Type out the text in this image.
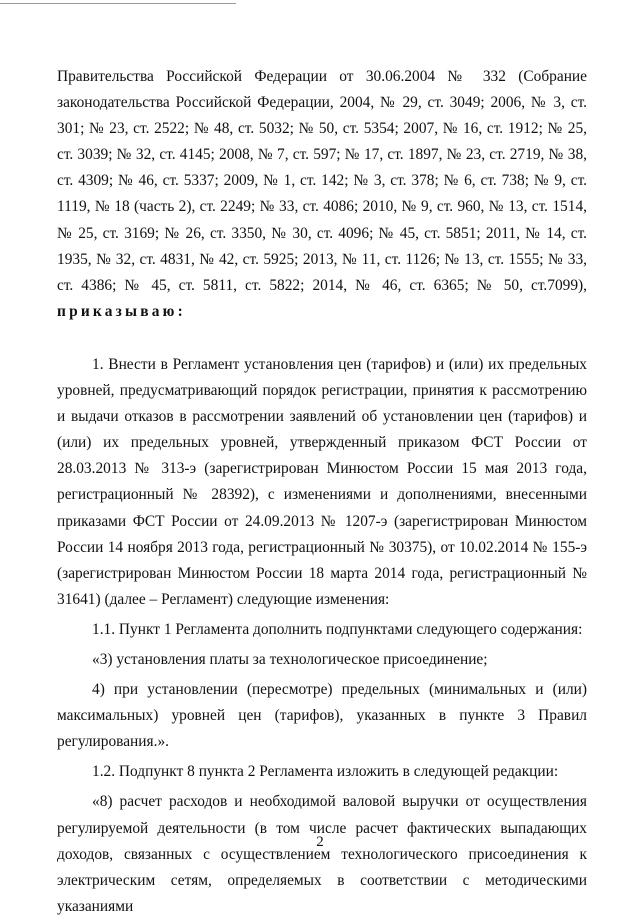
Правительства Российской Федерации от 30.06.2004 № 332 (Собрание законодательства Российской Федерации, 2004, № 29, ст. 3049; 2006, № 3, ст. 301; № 23, ст. 2522; № 48, ст. 5032; № 50, ст. 5354; 2007, № 16, ст. 1912; № 25, ст. 3039; № 32, ст. 4145; 2008, № 7, ст. 597; № 17, ст. 1897, № 23, ст. 2719, № 38, ст. 4309; № 46, ст. 5337; 2009, № 1, ст. 142; № 3, ст. 378; № 6, ст. 738; № 9, ст. 1119, № 18 (часть 2), ст. 2249; № 33, ст. 4086; 2010, № 9, ст. 960, № 13, ст. 1514, № 25, ст. 3169; № 26, ст. 3350, № 30, ст. 4096; № 45, ст. 5851; 2011, № 14, ст. 1935, № 32, ст. 4831, № 42, ст. 5925; 2013, № 11, ст. 1126; № 13, ст. 1555; № 33, ст. 4386; № 45, ст. 5811, ст. 5822; 2014, № 46, ст. 6365; № 50, ст.7099), приказываю:

1. Внести в Регламент установления цен (тарифов) и (или) их предельных уровней, предусматривающий порядок регистрации, принятия к рассмотрению и выдачи отказов в рассмотрении заявлений об установлении цен (тарифов) и (или) их предельных уровней, утвержденный приказом ФСТ России от 28.03.2013 № 313-э (зарегистрирован Минюстом России 15 мая 2013 года, регистрационный № 28392), с изменениями и дополнениями, внесенными приказами ФСТ России от 24.09.2013 № 1207-э (зарегистрирован Минюстом России 14 ноября 2013 года, регистрационный № 30375), от 10.02.2014 № 155-э (зарегистрирован Минюстом России 18 марта 2014 года, регистрационный № 31641) (далее – Регламент) следующие изменения:

1.1. Пункт 1 Регламента дополнить подпунктами следующего содержания:

«3) установления платы за технологическое присоединение;

4) при установлении (пересмотре) предельных (минимальных и (или) максимальных) уровней цен (тарифов), указанных в пункте 3 Правил регулирования.».

1.2. Подпункт 8 пункта 2 Регламента изложить в следующей редакции:

«8) расчет расходов и необходимой валовой выручки от осуществления регулируемой деятельности (в том числе расчет фактических выпадающих доходов, связанных с осуществлением технологического присоединения к электрическим сетям, определяемых в соответствии с методическими указаниями

2
